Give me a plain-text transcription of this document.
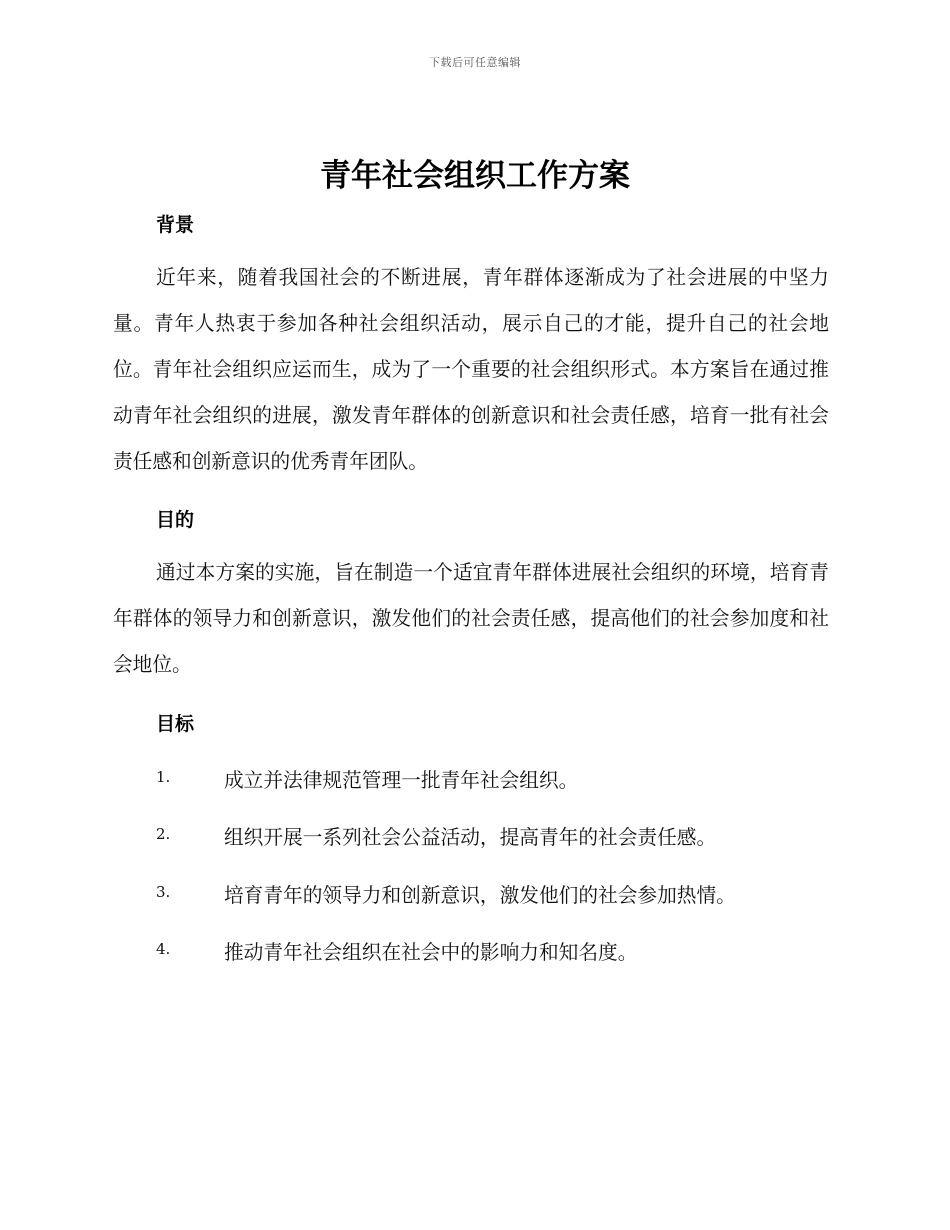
下载后可任意编辑
青年社会组织工作方案
背景
近年来，随着我国社会的不断进展，青年群体逐渐成为了社会进展的中坚力量。青年人热衷于参加各种社会组织活动，展示自己的才能，提升自己的社会地位。青年社会组织应运而生，成为了一个重要的社会组织形式。本方案旨在通过推动青年社会组织的进展，激发青年群体的创新意识和社会责任感，培育一批有社会责任感和创新意识的优秀青年团队。
目的
通过本方案的实施，旨在制造一个适宜青年群体进展社会组织的环境，培育青年群体的领导力和创新意识，激发他们的社会责任感，提高他们的社会参加度和社会地位。
目标
1.	成立并法律规范管理一批青年社会组织。
2.	组织开展一系列社会公益活动，提高青年的社会责任感。
3.	培育青年的领导力和创新意识，激发他们的社会参加热情。
4.	推动青年社会组织在社会中的影响力和知名度。
